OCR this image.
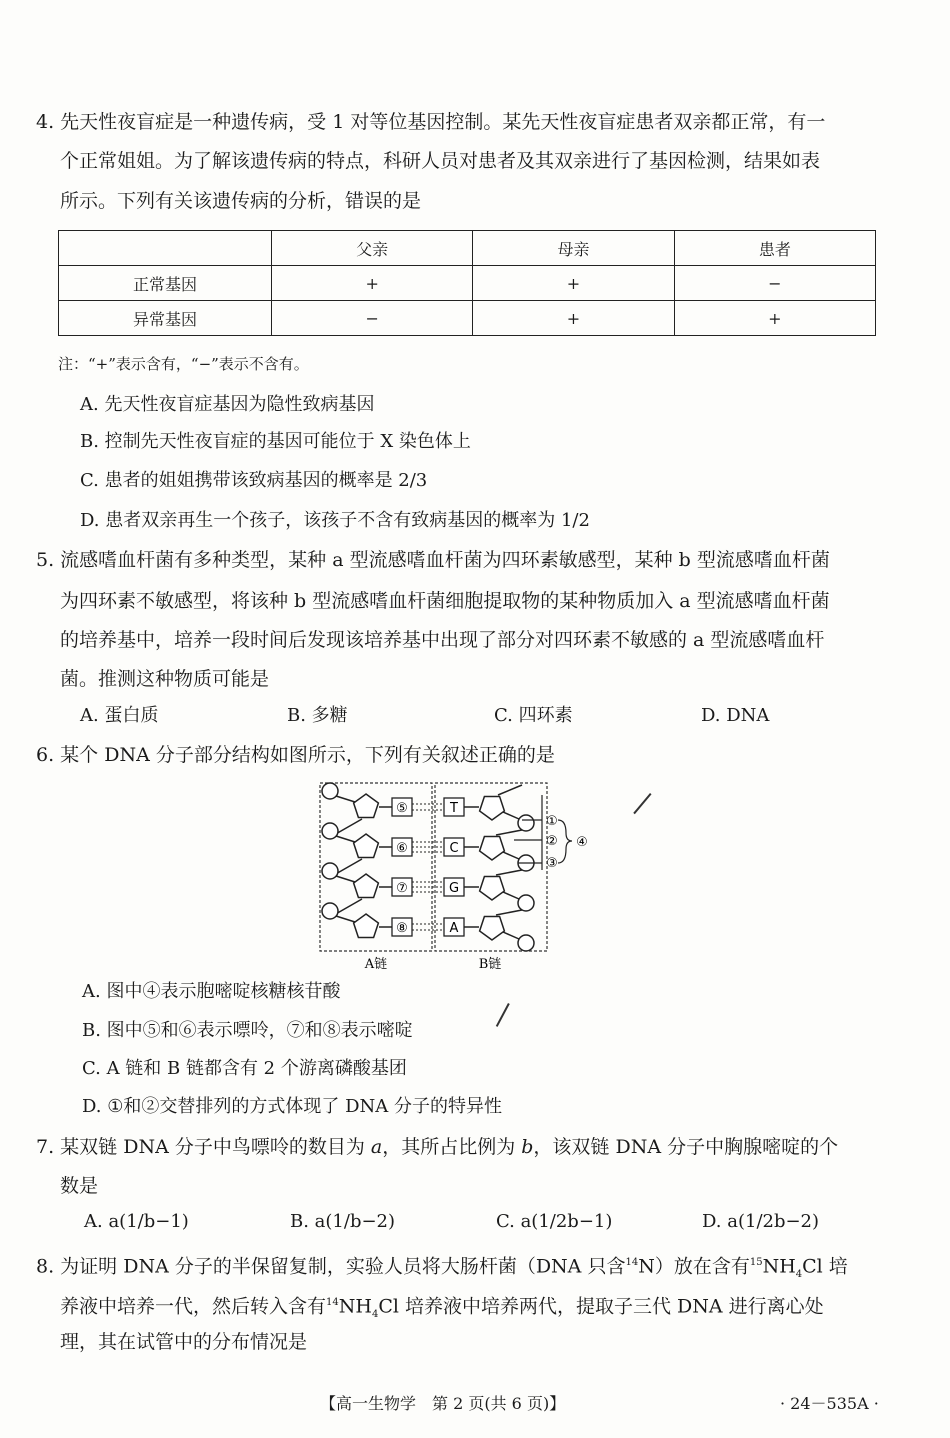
4. 先天性夜盲症是一种遗传病，受 1 对等位基因控制。某先天性夜盲症患者双亲都正常，有一
个正常姐姐。为了解该遗传病的特点，科研人员对患者及其双亲进行了基因检测，结果如表
所示。下列有关该遗传病的分析，错误的是
	父亲	母亲	患者
正常基因	+	+	−
异常基因	−	+	+
注：“+”表示含有，“−”表示不含有。
A. 先天性夜盲症基因为隐性致病基因
B. 控制先天性夜盲症的基因可能位于 X 染色体上
C. 患者的姐姐携带该致病基因的概率是 2/3
D. 患者双亲再生一个孩子，该孩子不含有致病基因的概率为 1/2
5. 流感嗜血杆菌有多种类型，某种 a 型流感嗜血杆菌为四环素敏感型，某种 b 型流感嗜血杆菌
为四环素不敏感型，将该种 b 型流感嗜血杆菌细胞提取物的某种物质加入 a 型流感嗜血杆菌
的培养基中，培养一段时间后发现该培养基中出现了部分对四环素不敏感的 a 型流感嗜血杆
菌。推测这种物质可能是
A. 蛋白质	B. 多糖	C. 四环素	D. DNA
6. 某个 DNA 分子部分结构如图所示，下列有关叙述正确的是
⑤
⑥
⑦
⑧
T
C
G
A
①
②
③
④
A链	B链
A. 图中④表示胞嘧啶核糖核苷酸
B. 图中⑤和⑥表示嘌呤，⑦和⑧表示嘧啶
C. A 链和 B 链都含有 2 个游离磷酸基团
D. ①和②交替排列的方式体现了 DNA 分子的特异性
7. 某双链 DNA 分子中鸟嘌呤的数目为 a，其所占比例为 b，该双链 DNA 分子中胸腺嘧啶的个
数是
A. a(1/b−1)	B. a(1/b−2)	C. a(1/2b−1)	D. a(1/2b−2)
8. 为证明 DNA 分子的半保留复制，实验人员将大肠杆菌（DNA 只含$^{14}$N）放在含有$^{15}NH_4Cl$ 培
养液中培养一代，然后转入含有$^{14}NH_4Cl$ 培养液中培养两代，提取子三代 DNA 进行离心处
理，其在试管中的分布情况是
【高一生物学　第 2 页(共 6 页)】	· 24－535A ·
